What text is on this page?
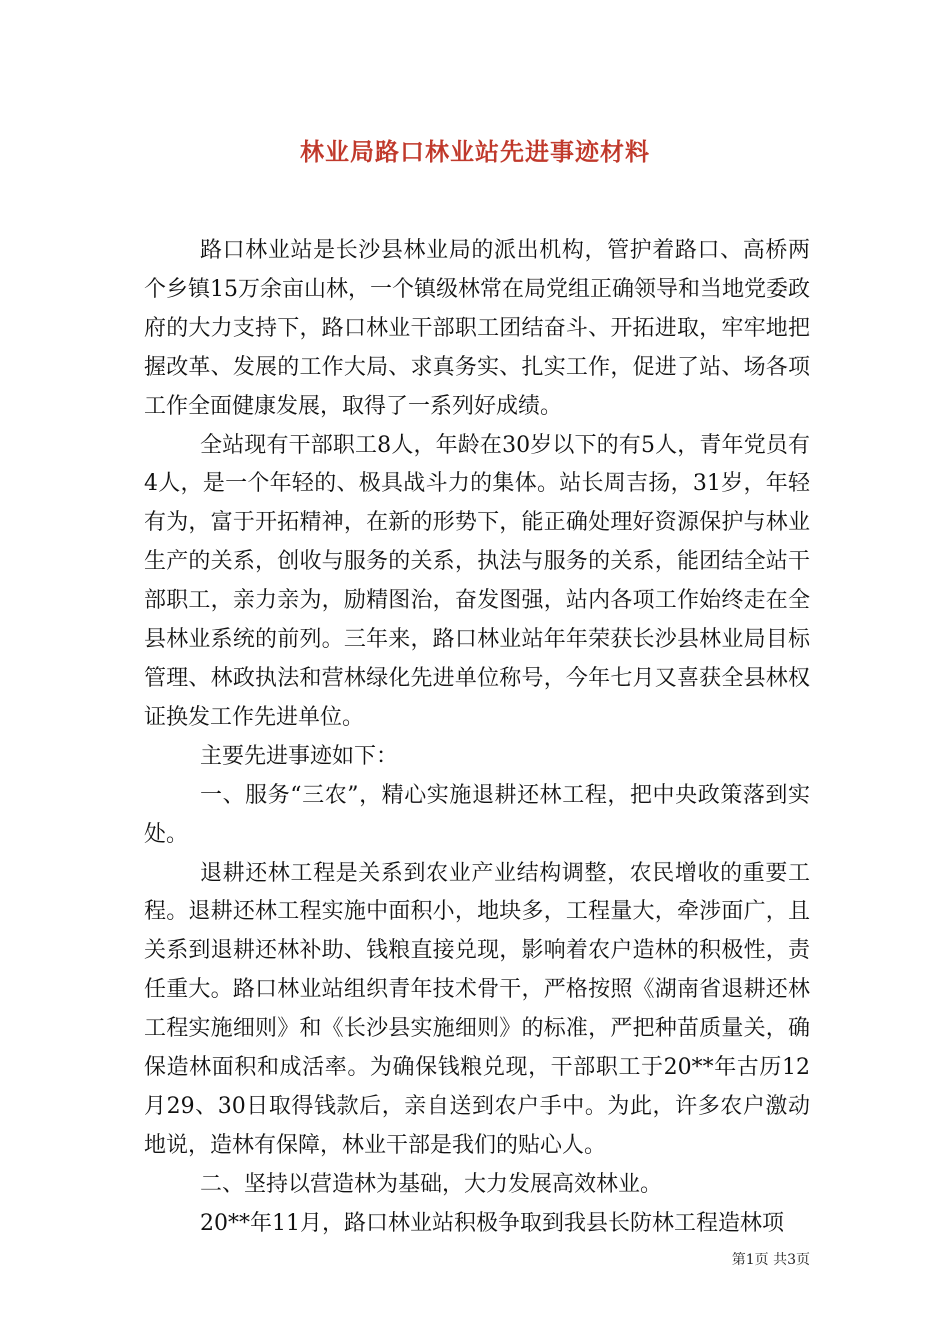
林业局路口林业站先进事迹材料

路口林业站是长沙县林业局的派出机构，管护着路口、高桥两个乡镇15万余亩山林，一个镇级林常在局党组正确领导和当地党委政府的大力支持下，路口林业干部职工团结奋斗、开拓进取，牢牢地把握改革、发展的工作大局、求真务实、扎实工作，促进了站、场各项工作全面健康发展，取得了一系列好成绩。

全站现有干部职工8人，年龄在30岁以下的有5人，青年党员有4人，是一个年轻的、极具战斗力的集体。站长周吉扬，31岁，年轻有为，富于开拓精神，在新的形势下，能正确处理好资源保护与林业生产的关系，创收与服务的关系，执法与服务的关系，能团结全站干部职工，亲力亲为，励精图治，奋发图强，站内各项工作始终走在全县林业系统的前列。三年来，路口林业站年年荣获长沙县林业局目标管理、林政执法和营林绿化先进单位称号，今年七月又喜获全县林权证换发工作先进单位。

主要先进事迹如下：

一、服务“三农”，精心实施退耕还林工程，把中央政策落到实处。

退耕还林工程是关系到农业产业结构调整，农民增收的重要工程。退耕还林工程实施中面积小，地块多，工程量大，牵涉面广，且关系到退耕还林补助、钱粮直接兑现，影响着农户造林的积极性，责任重大。路口林业站组织青年技术骨干，严格按照《湖南省退耕还林工程实施细则》和《长沙县实施细则》的标准，严把种苗质量关，确保造林面积和成活率。为确保钱粮兑现，干部职工于20**年古历12月29、30日取得钱款后，亲自送到农户手中。为此，许多农户激动地说，造林有保障，林业干部是我们的贴心人。

二、坚持以营造林为基础，大力发展高效林业。

20**年11月，路口林业站积极争取到我县长防林工程造林项

第1页 共3页
